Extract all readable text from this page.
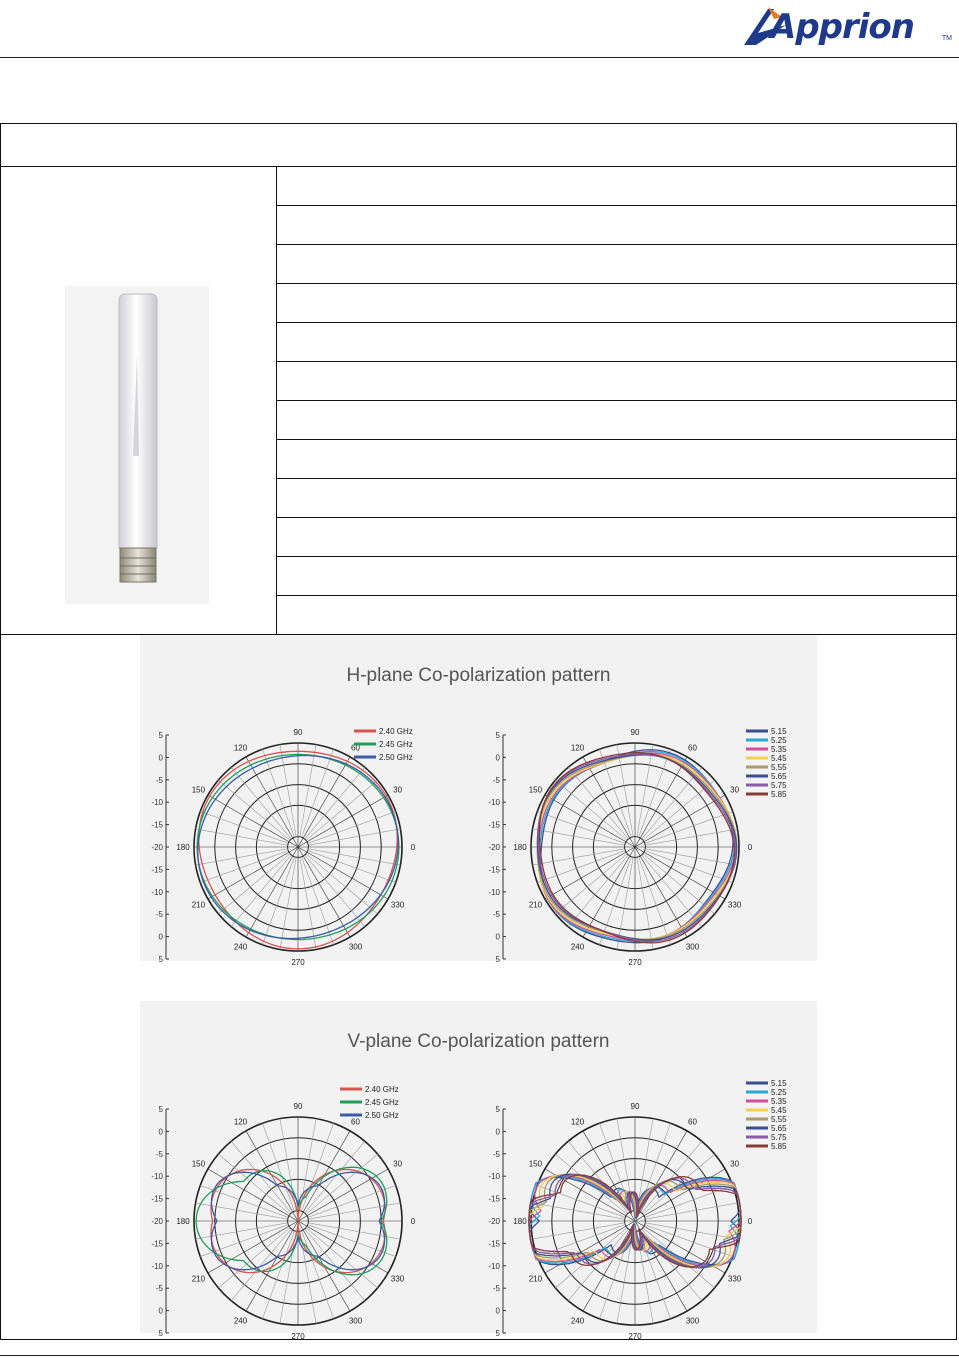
Apprion	TM
H-plane Co-polarization pattern
5
0
-5
-10
-15
-20
-15
-10
-5
0
5
90
60
30
0
330
300
270
240
210
180
150
120
2.40 GHz
2.45 GHz
2.50 GHz
5
0
-5
-10
-15
-20
-15
-10
-5
0
5
90
60
30
0
330
300
270
240
210
180
150
120
5.15
5.25
5.35
5.45
5.55
5.65
5.75
5.85
V-plane Co-polarization pattern
5
0
-5
-10
-15
-20
-15
-10
-5
0
5
90
60
30
0
330
300
270
240
210
180
150
120
2.40 GHz
2.45 GHz
2.50 GHz
5
0
-5
-10
-15
-20
-15
-10
-5
0
5
90
60
30
0
330
300
270
240
210
180
150
120
5.15
5.25
5.35
5.45
5.55
5.65
5.75
5.85
